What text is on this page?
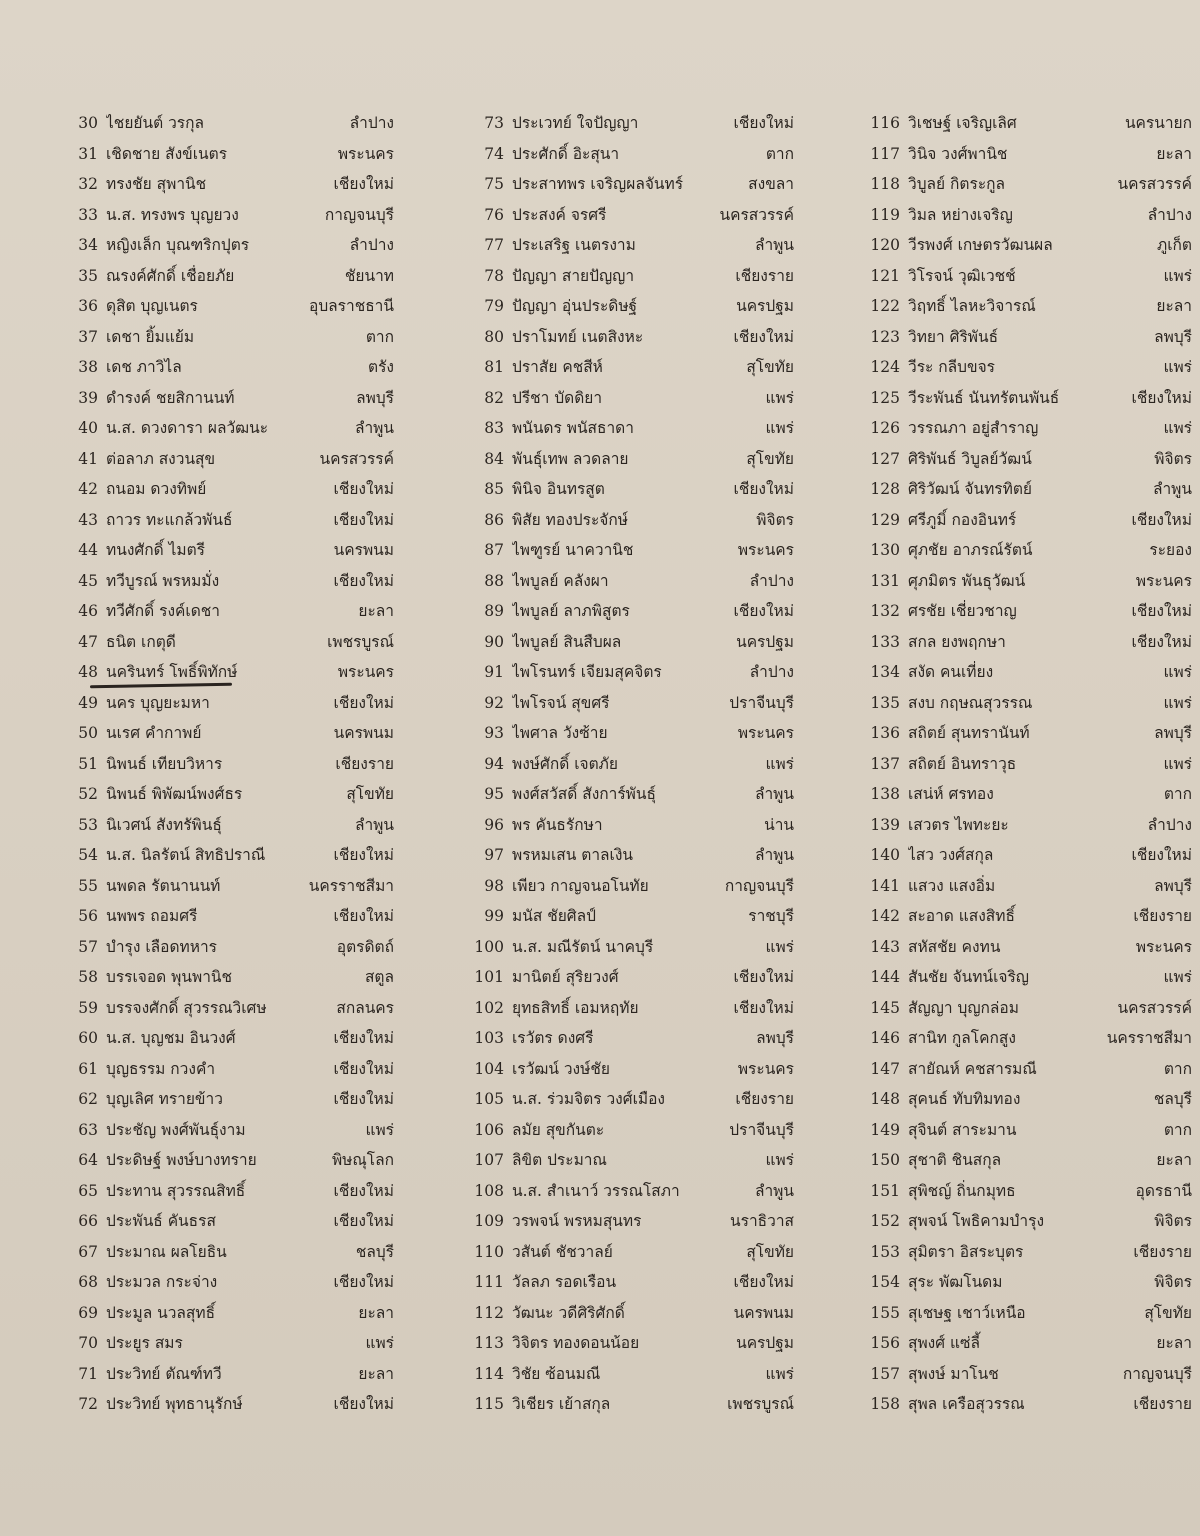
30 ไชยยันต์ วรกุล	ลำปาง
31 เชิดชาย สังข์เนตร	พระนคร
32 ทรงชัย สุพานิช	เชียงใหม่
33 น.ส. ทรงพร บุญยวง	กาญจนบุรี
34 หญิงเล็ก บุณฑริกปุตร	ลำปาง
35 ณรงค์ศักดิ์ เชื่อยภัย	ชัยนาท
36 ดุสิต บุญเนตร	อุบลราชธานี
37 เดชา ยิ้มแย้ม	ตาก
38 เดช ภาวิไล	ตรัง
39 ดำรงค์ ชยสิกานนท์	ลพบุรี
40 น.ส. ดวงดารา ผลวัฒนะ	ลำพูน
41 ต่อลาภ สงวนสุข	นครสวรรค์
42 ถนอม ดวงทิพย์	เชียงใหม่
43 ถาวร ทะแกล้วพันธ์	เชียงใหม่
44 ทนงศักดิ์ ไมตรี	นครพนม
45 ทวีบูรณ์ พรหมมั่ง	เชียงใหม่
46 ทวีศักดิ์ รงค์เดชา	ยะลา
47 ธนิต เกตุดี	เพชรบูรณ์
48 นครินทร์ โพธิ์พิทักษ์	พระนคร
49 นคร บุญยะมหา	เชียงใหม่
50 นเรศ คำกาพย์	นครพนม
51 นิพนธ์ เทียบวิหาร	เชียงราย
52 นิพนธ์ พิพัฒน์พงศ์ธร	สุโขทัย
53 นิเวศน์ สังทรัพินธุ์	ลำพูน
54 น.ส. นิลรัตน์ สิทธิปราณี	เชียงใหม่
55 นพดล รัตนานนท์	นครราชสีมา
56 นพพร ถอมศรี	เชียงใหม่
57 บำรุง เลือดทหาร	อุตรดิตถ์
58 บรรเจอด พุนพานิช	สตูล
59 บรรจงศักดิ์ สุวรรณวิเศษ	สกลนคร
60 น.ส. บุญชม อินวงศ์	เชียงใหม่
61 บุญธรรม กวงคำ	เชียงใหม่
62 บุญเลิศ ทรายข้าว	เชียงใหม่
63 ประชัญ พงศ์พันธุ์งาม	แพร่
64 ประดิษฐ์ พงษ์บางทราย	พิษณุโลก
65 ประทาน สุวรรณสิทธิ์	เชียงใหม่
66 ประพันธ์ คันธรส	เชียงใหม่
67 ประมาณ ผลโยธิน	ชลบุรี
68 ประมวล กระจ่าง	เชียงใหม่
69 ประมูล นวลสุทธิ์	ยะลา
70 ประยูร สมร	แพร่
71 ประวิทย์ ตัณฑ์ทวี	ยะลา
72 ประวิทย์ พุทธานุรักษ์	เชียงใหม่
73 ประเวทย์ ใจปัญญา	เชียงใหม่
74 ประศักดิ์ อิะสุนา	ตาก
75 ประสาทพร เจริญผลจันทร์	สงขลา
76 ประสงค์ จรศรี	นครสวรรค์
77 ประเสริฐ เนตรงาม	ลำพูน
78 ปัญญา สายปัญญา	เชียงราย
79 ปัญญา อุ่นประดิษฐ์	นครปฐม
80 ปราโมทย์ เนตสิงหะ	เชียงใหม่
81 ปราสัย คชสีห์	สุโขทัย
82 ปรีชา บัดดิยา	แพร่
83 พนันดร พนัสธาดา	แพร่
84 พันธุ์เทพ ลวดลาย	สุโขทัย
85 พินิจ อินทรสูต	เชียงใหม่
86 พิสัย ทองประจักษ์	พิจิตร
87 ไพฑูรย์ นาควานิช	พระนคร
88 ไพบูลย์ คลังผา	ลำปาง
89 ไพบูลย์ ลาภพิสูตร	เชียงใหม่
90 ไพบูลย์ สินสืบผล	นครปฐม
91 ไพโรนทร์ เจียมสุคจิตร	ลำปาง
92 ไพโรจน์ สุขศรี	ปราจีนบุรี
93 ไพศาล วังซ้าย	พระนคร
94 พงษ์ศักดิ์ เจตภัย	แพร่
95 พงศ์สวัสดิ์ สังการ์พันธุ์	ลำพูน
96 พร คันธรักษา	น่าน
97 พรหมเสน ตาลเงิน	ลำพูน
98 เพียว กาญจนอโนทัย	กาญจนบุรี
99 มนัส ชัยศิลป์	ราชบุรี
100 น.ส. มณีรัตน์ นาคบุรี	แพร่
101 มานิตย์ สุริยวงศ์	เชียงใหม่
102 ยุทธสิทธิ์ เอมหฤทัย	เชียงใหม่
103 เรวัตร ดงศรี	ลพบุรี
104 เรวัฒน์ วงษ์ชัย	พระนคร
105 น.ส. ร่วมจิตร วงศ์เมือง	เชียงราย
106 ลมัย สุขกันตะ	ปราจีนบุรี
107 ลิขิต ประมาณ	แพร่
108 น.ส. สำเนาว์ วรรณโสภา	ลำพูน
109 วรพจน์ พรหมสุนทร	นราธิวาส
110 วสันต์ ชัชวาลย์	สุโขทัย
111 วัลลภ รอดเรือน	เชียงใหม่
112 วัฒนะ วดีศิริศักดิ์	นครพนม
113 วิจิตร ทองดอนน้อย	นครปฐม
114 วิชัย ซ้อนมณี	แพร่
115 วิเชียร เย้าสกุล	เพชรบูรณ์
116 วิเชษฐ์ เจริญเลิศ	นครนายก
117 วินิจ วงศ์พานิช	ยะลา
118 วิบูลย์ กิตระกูล	นครสวรรค์
119 วิมล หย่างเจริญ	ลำปาง
120 วีรพงศ์ เกษตรวัฒนผล	ภูเก็ต
121 วิโรจน์ วุฒิเวชช์	แพร่
122 วิฤทธิ์ ไลหะวิจารณ์	ยะลา
123 วิทยา ศิริพันธ์	ลพบุรี
124 วีระ กลีบขจร	แพร่
125 วีระพันธ์ นันทรัตนพันธ์	เชียงใหม่
126 วรรณภา อยู่สำราญ	แพร่
127 ศิริพันธ์ วิบูลย์วัฒน์	พิจิตร
128 ศิริวัฒน์ จันทรทิตย์	ลำพูน
129 ศรีภูมิ์ กองอินทร์	เชียงใหม่
130 ศุภชัย อาภรณ์รัตน์	ระยอง
131 ศุภมิตร พันธุวัฒน์	พระนคร
132 ศรชัย เชี่ยวชาญ	เชียงใหม่
133 สกล ยงพฤกษา	เชียงใหม่
134 สงัด คนเที่ยง	แพร่
135 สงบ กฤษณสุวรรณ	แพร่
136 สถิตย์ สุนทรานันท์	ลพบุรี
137 สถิตย์ อินทราวุธ	แพร่
138 เสน่ห์ ศรทอง	ตาก
139 เสวตร ไพทะยะ	ลำปาง
140 ไสว วงศ์สกุล	เชียงใหม่
141 แสวง แสงอิ่ม	ลพบุรี
142 สะอาด แสงสิทธิ์	เชียงราย
143 สหัสชัย คงทน	พระนคร
144 สันชัย จันทน์เจริญ	แพร่
145 สัญญา บุญกล่อม	นครสวรรค์
146 สานิท กูลโคกสูง	นครราชสีมา
147 สายัณห์ คชสารมณี	ตาก
148 สุคนธ์ ทับทิมทอง	ชลบุรี
149 สุจินต์ สาระมาน	ตาก
150 สุชาติ ชินสกุล	ยะลา
151 สุพิชญ์ ถิ่นกมุทธ	อุดรธานี
152 สุพจน์ โพธิคามบำรุง	พิจิตร
153 สุมิตรา อิสระบุตร	เชียงราย
154 สุระ พัฒโนดม	พิจิตร
155 สุเชษฐ เชาว์เหนือ	สุโขทัย
156 สุพงศ์ แซ่ลี้	ยะลา
157 สุพงษ์ มาโนช	กาญจนบุรี
158 สุพล เครือสุวรรณ	เชียงราย
